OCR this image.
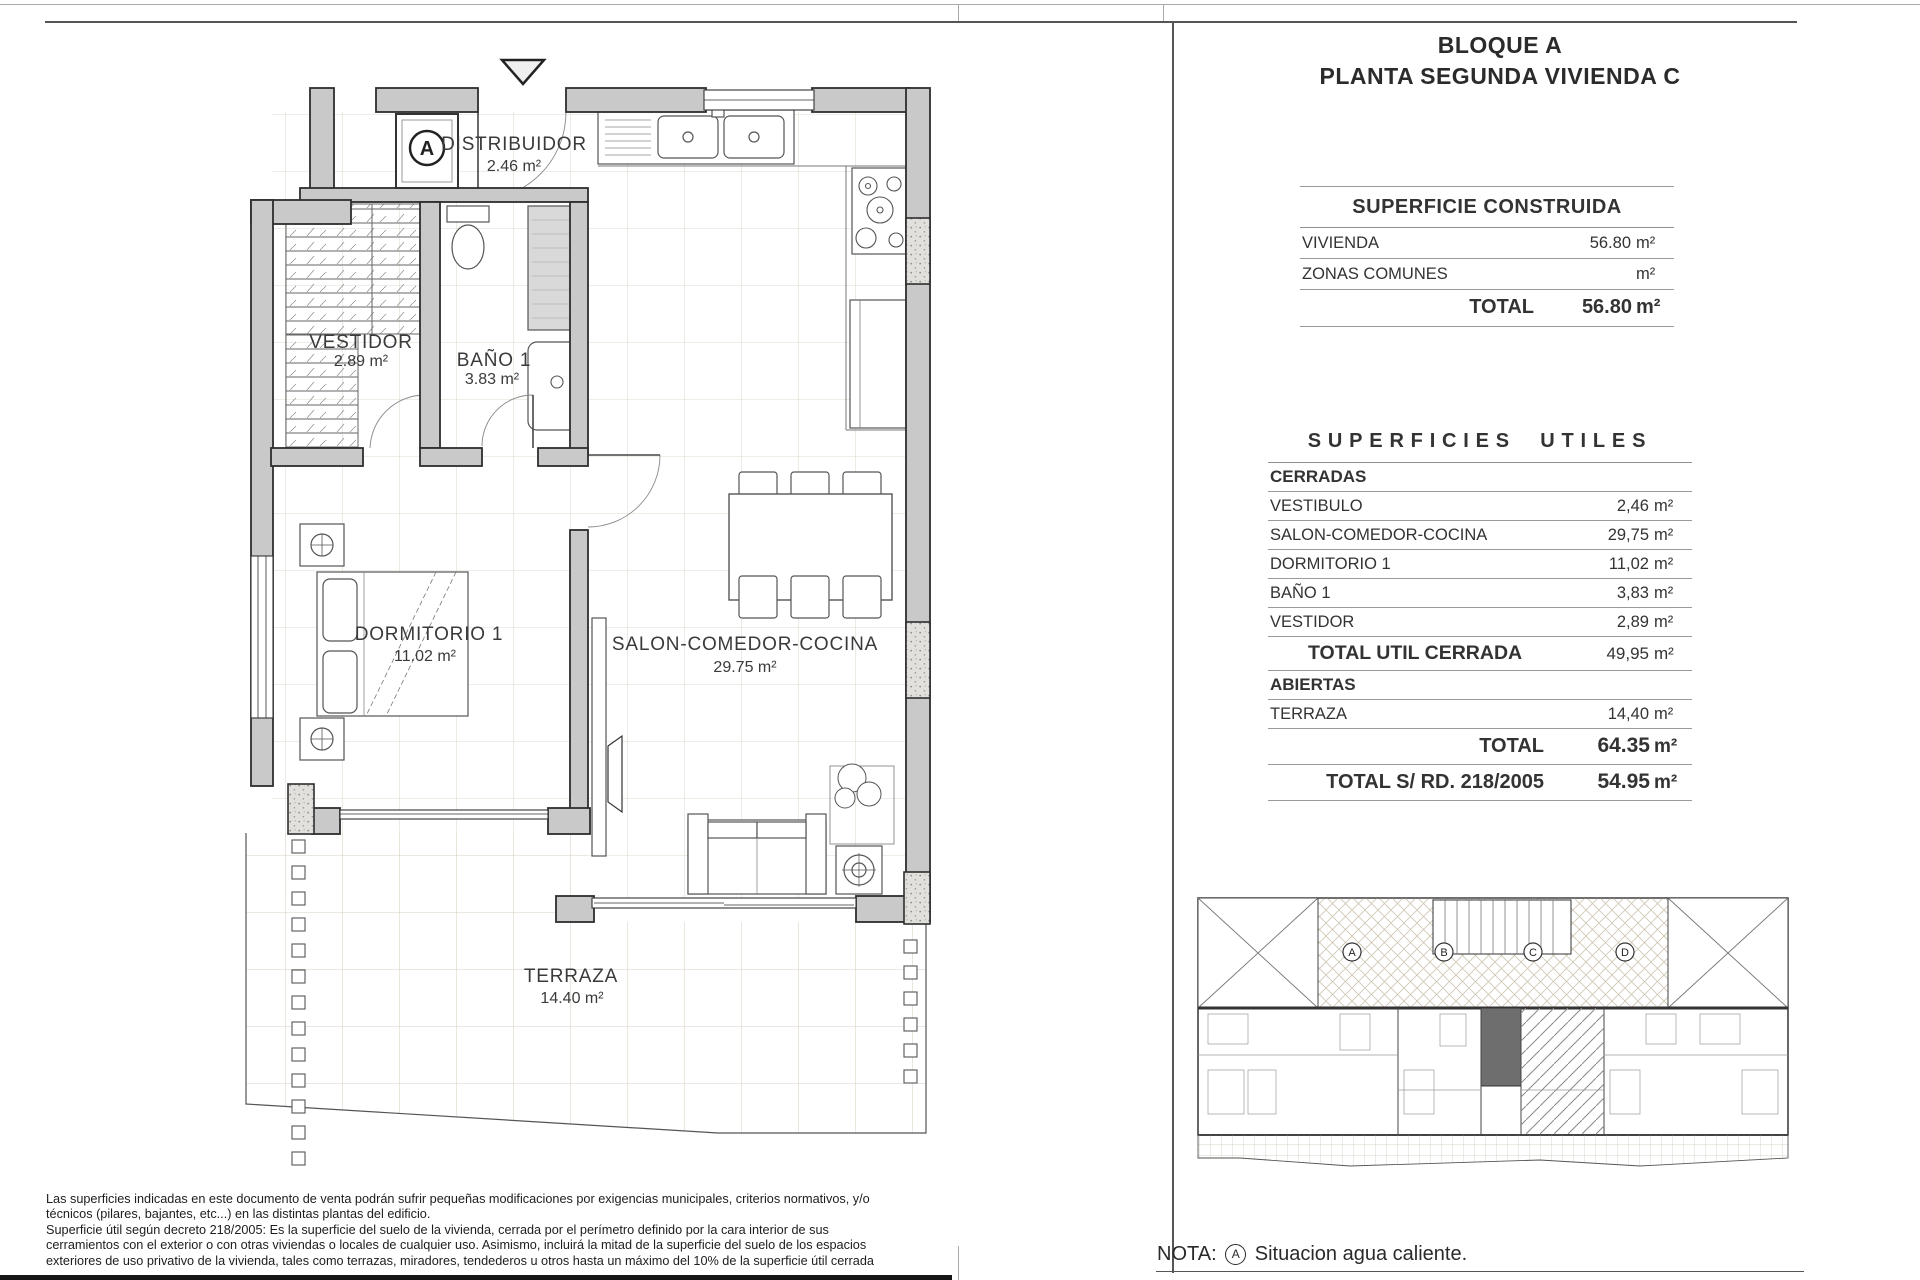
A DISTRIBUIDOR
2.46 m²
VESTIDOR
2.89 m²	BAÑO 1
3.83 m²
DORMITORIO 1
11.02 m²
SALON-COMEDOR-COCINA
29.75 m²
TERRAZA
14.40 m²
BLOQUE A
PLANTA SEGUNDA VIVIENDA C
SUPERFICIE CONSTRUIDA
VIVIENDA	56.80 m²
ZONAS COMUNES	m²
TOTAL	56.80 m²
SUPERFICIES UTILES
CERRADAS
VESTIBULO	2,46 m²
SALON-COMEDOR-COCINA	29,75 m²
DORMITORIO 1	11,02 m²
BAÑO 1	3,83 m²
VESTIDOR	2,89 m²
TOTAL UTIL CERRADA	49,95 m²
ABIERTAS
TERRAZA	14,40 m²
TOTAL	64.35 m²
TOTAL S/ RD. 218/2005	54.95 m²
A	B	C	D
Las superficies indicadas en este documento de venta podrán sufrir pequeñas modificaciones por exigencias municipales, criterios normativos, y/o
técnicos (pilares, bajantes, etc...) en las distintas plantas del edificio.
Superficie útil según decreto 218/2005: Es la superficie del suelo de la vivienda, cerrada por el perímetro definido por la cara interior de sus
cerramientos con el exterior o con otras viviendas o locales de cualquier uso. Asimismo, incluirá la mitad de la superficie del suelo de los espacios
exteriores de uso privativo de la vivienda, tales como terrazas, miradores, tendederos u otros hasta un máximo del 10% de la superficie útil cerrada	NOTA: A Situacion agua caliente.
